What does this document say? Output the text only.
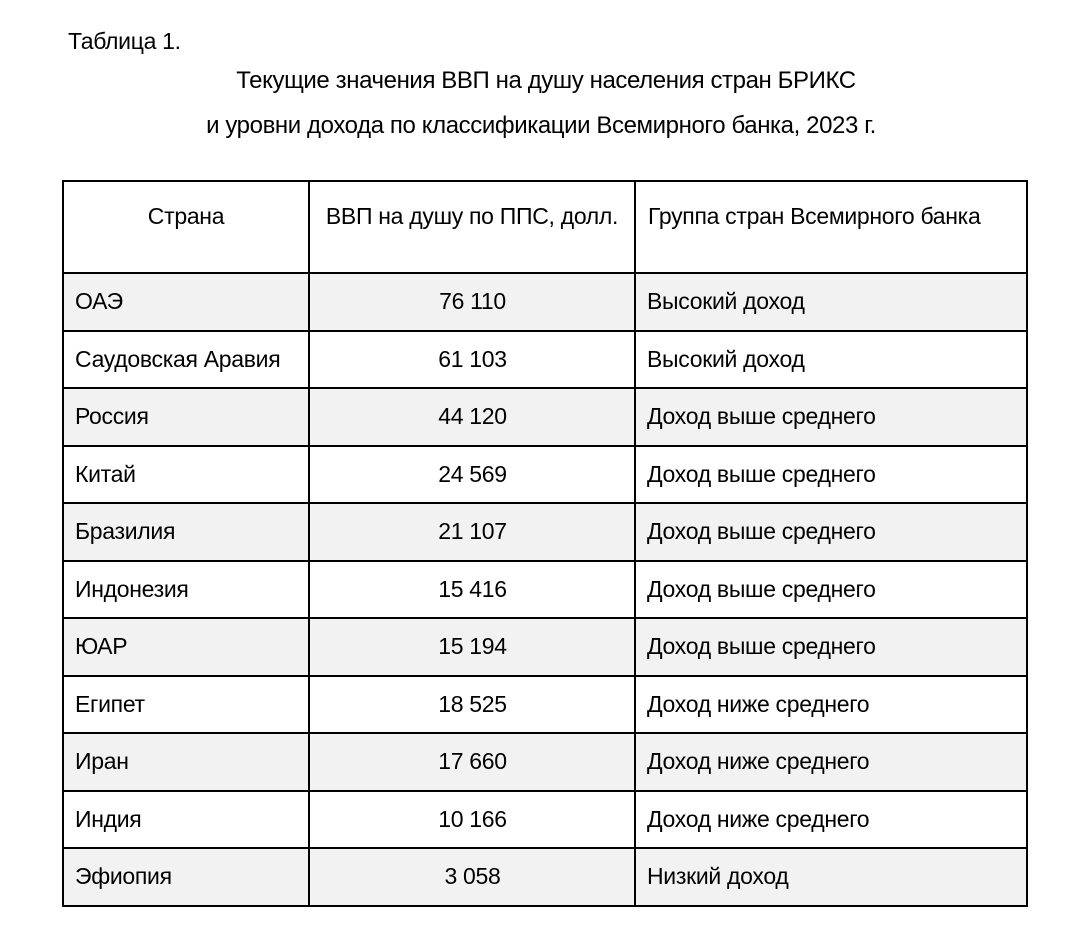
Таблица 1.
Текущие значения ВВП на душу населения стран БРИКС
и уровни дохода по классификации Всемирного банка, 2023 г.
Страна	ВВП на душу по ППС, долл.	Группа стран Всемирного банка
ОАЭ	76 110	Высокий доход
Саудовская Аравия	61 103	Высокий доход
Россия	44 120	Доход выше среднего
Китай	24 569	Доход выше среднего
Бразилия	21 107	Доход выше среднего
Индонезия	15 416	Доход выше среднего
ЮАР	15 194	Доход выше среднего
Египет	18 525	Доход ниже среднего
Иран	17 660	Доход ниже среднего
Индия	10 166	Доход ниже среднего
Эфиопия	3 058	Низкий доход
